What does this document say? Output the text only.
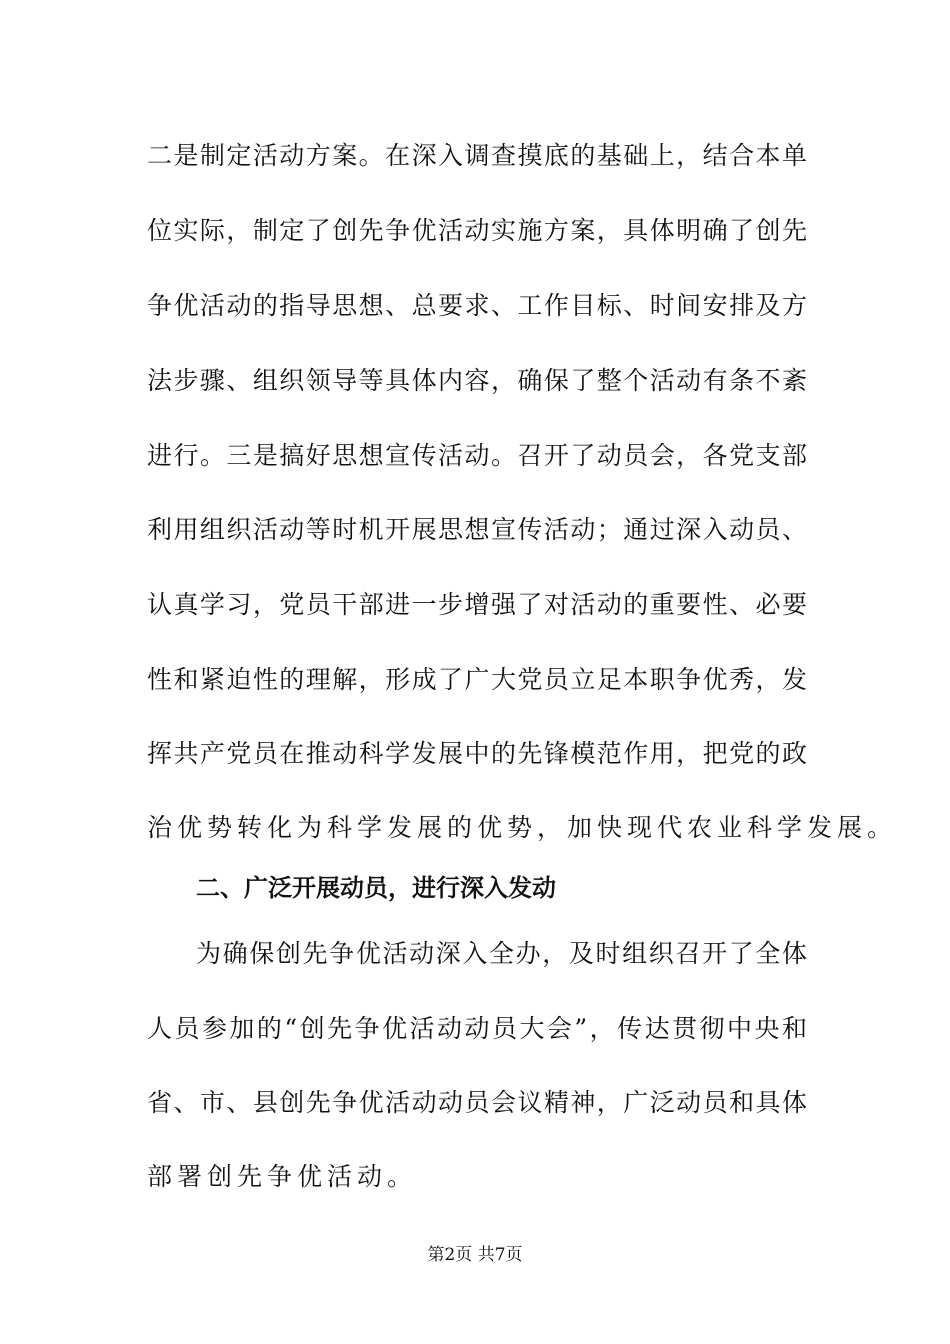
二是制定活动方案。在深入调查摸底的基础上，结合本单
位实际，制定了创先争优活动实施方案，具体明确了创先
争优活动的指导思想、总要求、工作目标、时间安排及方
法步骤、组织领导等具体内容，确保了整个活动有条不紊
进行。三是搞好思想宣传活动。召开了动员会，各党支部
利用组织活动等时机开展思想宣传活动；通过深入动员、
认真学习，党员干部进一步增强了对活动的重要性、必要
性和紧迫性的理解，形成了广大党员立足本职争优秀，发
挥共产党员在推动科学发展中的先锋模范作用，把党的政
治优势转化为科学发展的优势，加快现代农业科学发展。
二、广泛开展动员，进行深入发动
为确保创先争优活动深入全办，及时组织召开了全体
人员参加的“创先争优活动动员大会”，传达贯彻中央和
省、市、县创先争优活动动员会议精神，广泛动员和具体
部署创先争优活动。
第2页 共7页
